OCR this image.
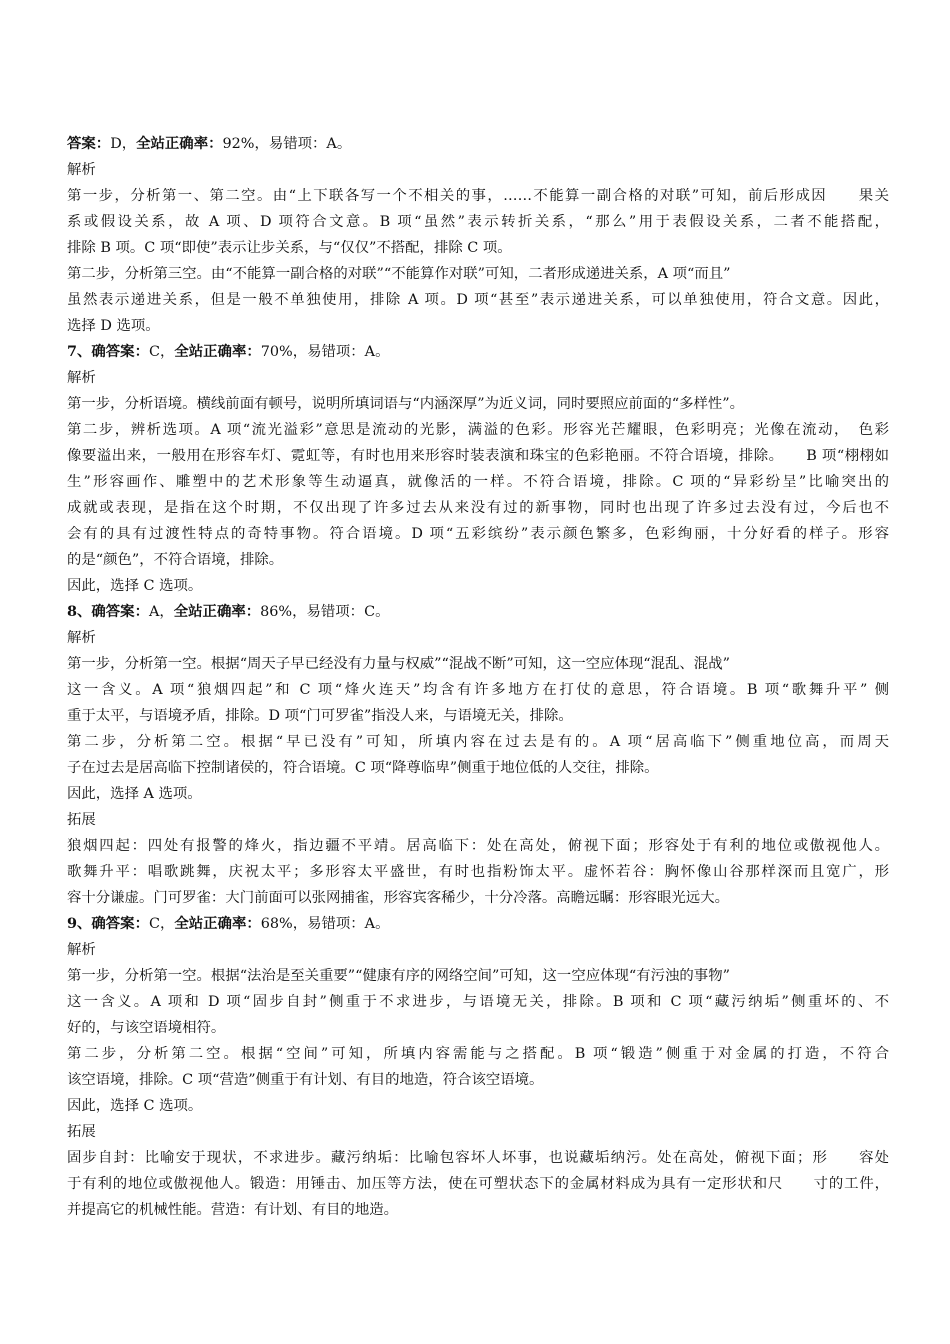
答案：D，全站正确率：92%，易错项：A。
解析
第一步，分析第一、第二空。由“上下联各写一个不相关的事，……不能算一副合格的对联”可知，前后形成因　　果关
系或假设关系，故 A 项、D 项符合文意。B 项“虽然”表示转折关系，“那么”用于表假设关系，二者不能搭配，
排除 B 项。C 项“即使”表示让步关系，与“仅仅”不搭配，排除 C 项。
第二步，分析第三空。由“不能算一副合格的对联”“不能算作对联”可知，二者形成递进关系，A 项“而且”
虽然表示递进关系，但是一般不单独使用，排除 A 项。D 项“甚至”表示递进关系，可以单独使用，符合文意。因此，
选择 D 选项。
7、确答案：C，全站正确率：70%，易错项：A。
解析
第一步，分析语境。横线前面有顿号，说明所填词语与“内涵深厚”为近义词，同时要照应前面的“多样性”。
第二步，辨析选项。A 项“流光溢彩”意思是流动的光影，满溢的色彩。形容光芒耀眼，色彩明亮；光像在流动，　色彩
像要溢出来，一般用在形容车灯、霓虹等，有时也用来形容时装表演和珠宝的色彩艳丽。不符合语境，排除。　　B 项“栩栩如
生”形容画作、雕塑中的艺术形象等生动逼真，就像活的一样。不符合语境，排除。C 项的“异彩纷呈”比喻突出的
成就或表现，是指在这个时期，不仅出现了许多过去从来没有过的新事物，同时也出现了许多过去没有过，今后也不
会有的具有过渡性特点的奇特事物。符合语境。D 项“五彩缤纷”表示颜色繁多，色彩绚丽，十分好看的样子。形容
的是“颜色”，不符合语境，排除。
因此，选择 C 选项。
8、确答案：A，全站正确率：86%，易错项：C。
解析
第一步，分析第一空。根据“周天子早已经没有力量与权威”“混战不断”可知，这一空应体现“混乱、混战”
这一含义。A 项“狼烟四起”和 C 项“烽火连天”均含有许多地方在打仗的意思，符合语境。B 项“歌舞升平” 侧
重于太平，与语境矛盾，排除。D 项“门可罗雀”指没人来，与语境无关，排除。
第二步，分析第二空。根据“早已没有”可知，所填内容在过去是有的。A 项“居高临下”侧重地位高，而周天
子在过去是居高临下控制诸侯的，符合语境。C 项“降尊临卑”侧重于地位低的人交往，排除。
因此，选择 A 选项。
拓展
狼烟四起：四处有报警的烽火，指边疆不平靖。居高临下：处在高处，俯视下面；形容处于有利的地位或傲视他人。
歌舞升平：唱歌跳舞，庆祝太平；多形容太平盛世，有时也指粉饰太平。虚怀若谷：胸怀像山谷那样深而且宽广，形
容十分谦虚。门可罗雀：大门前面可以张网捕雀，形容宾客稀少，十分冷落。高瞻远瞩：形容眼光远大。
9、确答案：C，全站正确率：68%，易错项：A。
解析
第一步，分析第一空。根据“法治是至关重要”“健康有序的网络空间”可知，这一空应体现“有污浊的事物”
这一含义。A 项和 D 项“固步自封”侧重于不求进步，与语境无关，排除。B 项和 C 项“藏污纳垢”侧重坏的、不
好的，与该空语境相符。
第二步，分析第二空。根据“空间”可知，所填内容需能与之搭配。B 项“锻造”侧重于对金属的打造，不符合
该空语境，排除。C 项“营造”侧重于有计划、有目的地造，符合该空语境。
因此，选择 C 选项。
拓展
固步自封：比喻安于现状，不求进步。藏污纳垢：比喻包容坏人坏事，也说藏垢纳污。处在高处，俯视下面；形　　容处
于有利的地位或傲视他人。锻造：用锤击、加压等方法，使在可塑状态下的金属材料成为具有一定形状和尺　　寸的工件，
并提高它的机械性能。营造：有计划、有目的地造。
